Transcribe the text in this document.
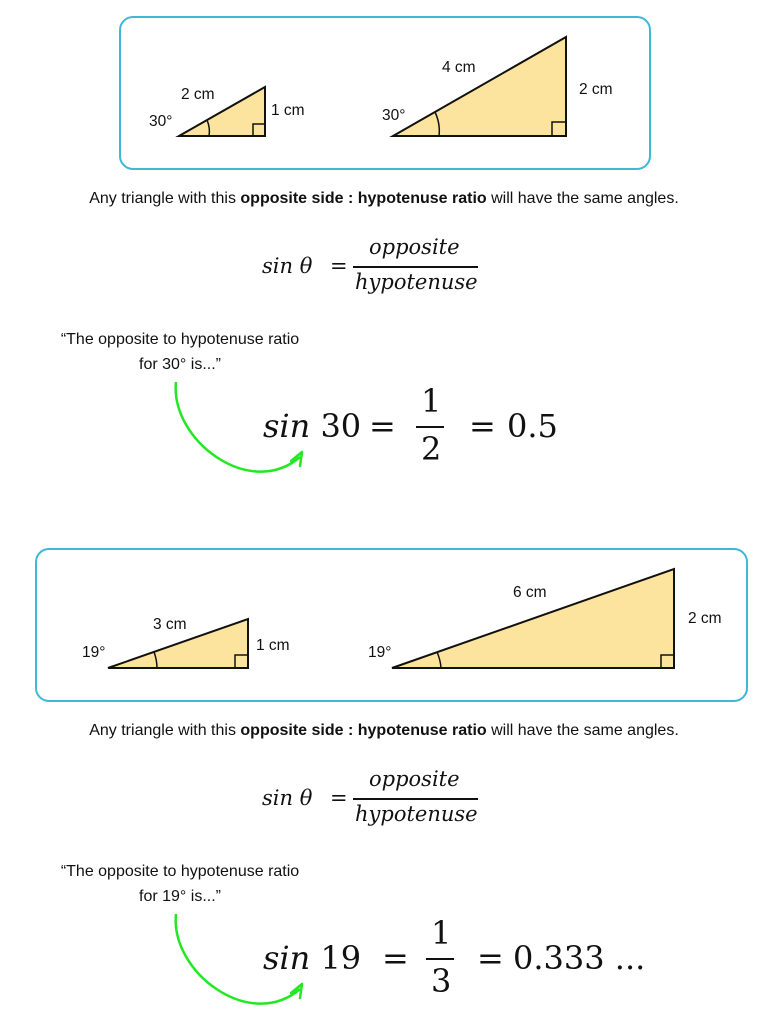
2 cm
1 cm
30°
4 cm
2 cm
30°
Any triangle with this opposite side : hypotenuse ratio will have the same angles.
sin θ =
opposite
hypotenuse
“The opposite to hypotenuse ratio
for 30° is...”
sin 30 =
1
2
= 0.5
3 cm
1 cm
19°
6 cm
2 cm
19°
Any triangle with this opposite side : hypotenuse ratio will have the same angles.
sin θ =
opposite
hypotenuse
“The opposite to hypotenuse ratio
for 19° is...”
sin 19 =
1
3
= 0.333 ...
